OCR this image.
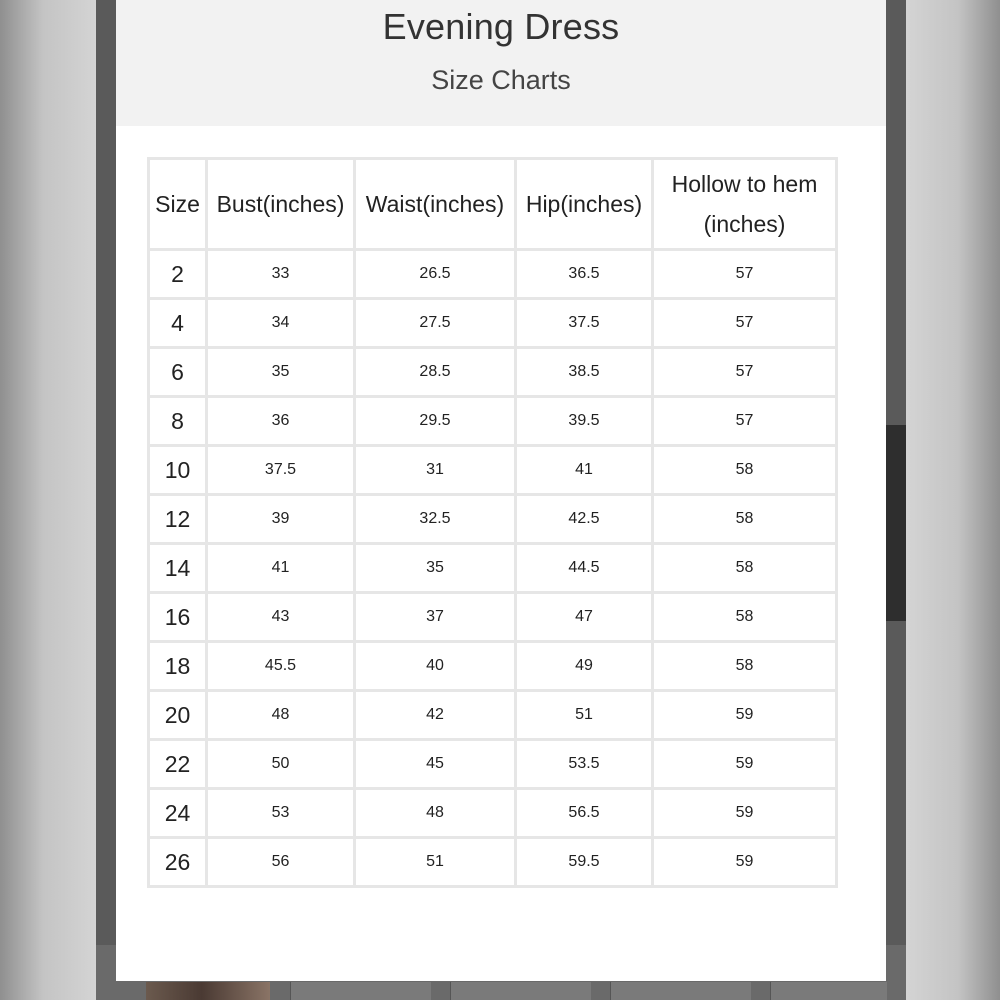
Evening Dress
Size Charts
Size	Bust(inches)	Waist(inches)	Hip(inches)	Hollow to hem (inches)
2	33	26.5	36.5	57
4	34	27.5	37.5	57
6	35	28.5	38.5	57
8	36	29.5	39.5	57
10	37.5	31	41	58
12	39	32.5	42.5	58
14	41	35	44.5	58
16	43	37	47	58
18	45.5	40	49	58
20	48	42	51	59
22	50	45	53.5	59
24	53	48	56.5	59
26	56	51	59.5	59
